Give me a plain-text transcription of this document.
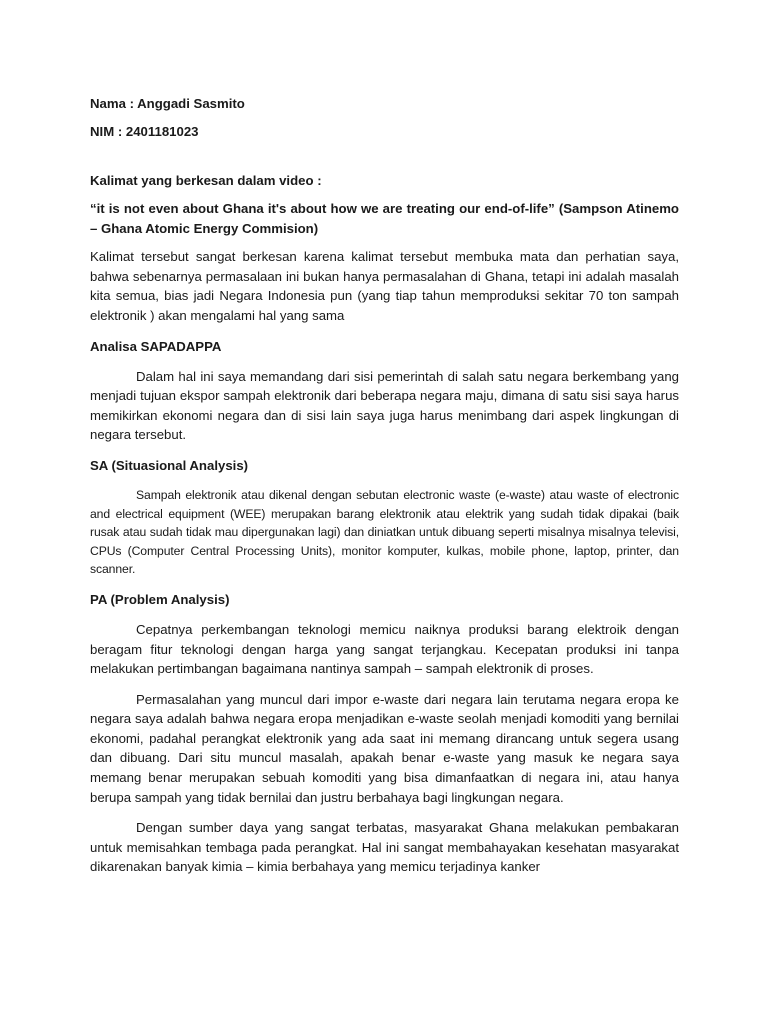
Nama : Anggadi Sasmito

NIM : 2401181023

Kalimat yang berkesan dalam video :

“it is not even about Ghana it's about how we are treating our end-of-life” (Sampson Atinemo – Ghana Atomic Energy Commision)

Kalimat tersebut sangat berkesan karena kalimat tersebut membuka mata dan perhatian saya, bahwa sebenarnya permasalaan ini bukan hanya permasalahan di Ghana, tetapi ini adalah masalah kita semua, bias jadi Negara Indonesia pun (yang tiap tahun memproduksi sekitar 70 ton sampah elektronik ) akan mengalami hal yang sama

Analisa SAPADAPPA

Dalam hal ini saya memandang dari sisi pemerintah di salah satu negara berkembang yang menjadi tujuan ekspor sampah elektronik dari beberapa negara maju, dimana di satu sisi saya harus memikirkan ekonomi negara dan di sisi lain saya juga harus menimbang dari aspek lingkungan di negara tersebut.

SA (Situasional Analysis)

Sampah elektronik atau dikenal dengan sebutan electronic waste (e-waste) atau waste of electronic and electrical equipment (WEE) merupakan barang elektronik atau elektrik yang sudah tidak dipakai (baik rusak atau sudah tidak mau dipergunakan lagi) dan diniatkan untuk dibuang seperti misalnya misalnya televisi, CPUs (Computer Central Processing Units), monitor komputer, kulkas, mobile phone, laptop, printer, dan scanner.

PA (Problem Analysis)

Cepatnya perkembangan teknologi memicu naiknya produksi barang elektroik dengan beragam fitur teknologi dengan harga yang sangat terjangkau. Kecepatan produksi ini tanpa melakukan pertimbangan bagaimana nantinya sampah – sampah elektronik di proses.

Permasalahan yang muncul dari impor e-waste dari negara lain terutama negara eropa ke negara saya adalah bahwa negara eropa menjadikan e-waste seolah menjadi komoditi yang bernilai ekonomi, padahal perangkat elektronik yang ada saat ini memang dirancang untuk segera usang dan dibuang. Dari situ muncul masalah, apakah benar e-waste yang masuk ke negara saya memang benar merupakan sebuah komoditi yang bisa dimanfaatkan di negara ini, atau hanya berupa sampah yang tidak bernilai dan justru berbahaya bagi lingkungan negara.

Dengan sumber daya yang sangat terbatas, masyarakat Ghana melakukan pembakaran untuk memisahkan tembaga pada perangkat. Hal ini sangat membahayakan kesehatan masyarakat dikarenakan banyak kimia – kimia berbahaya yang memicu terjadinya kanker
